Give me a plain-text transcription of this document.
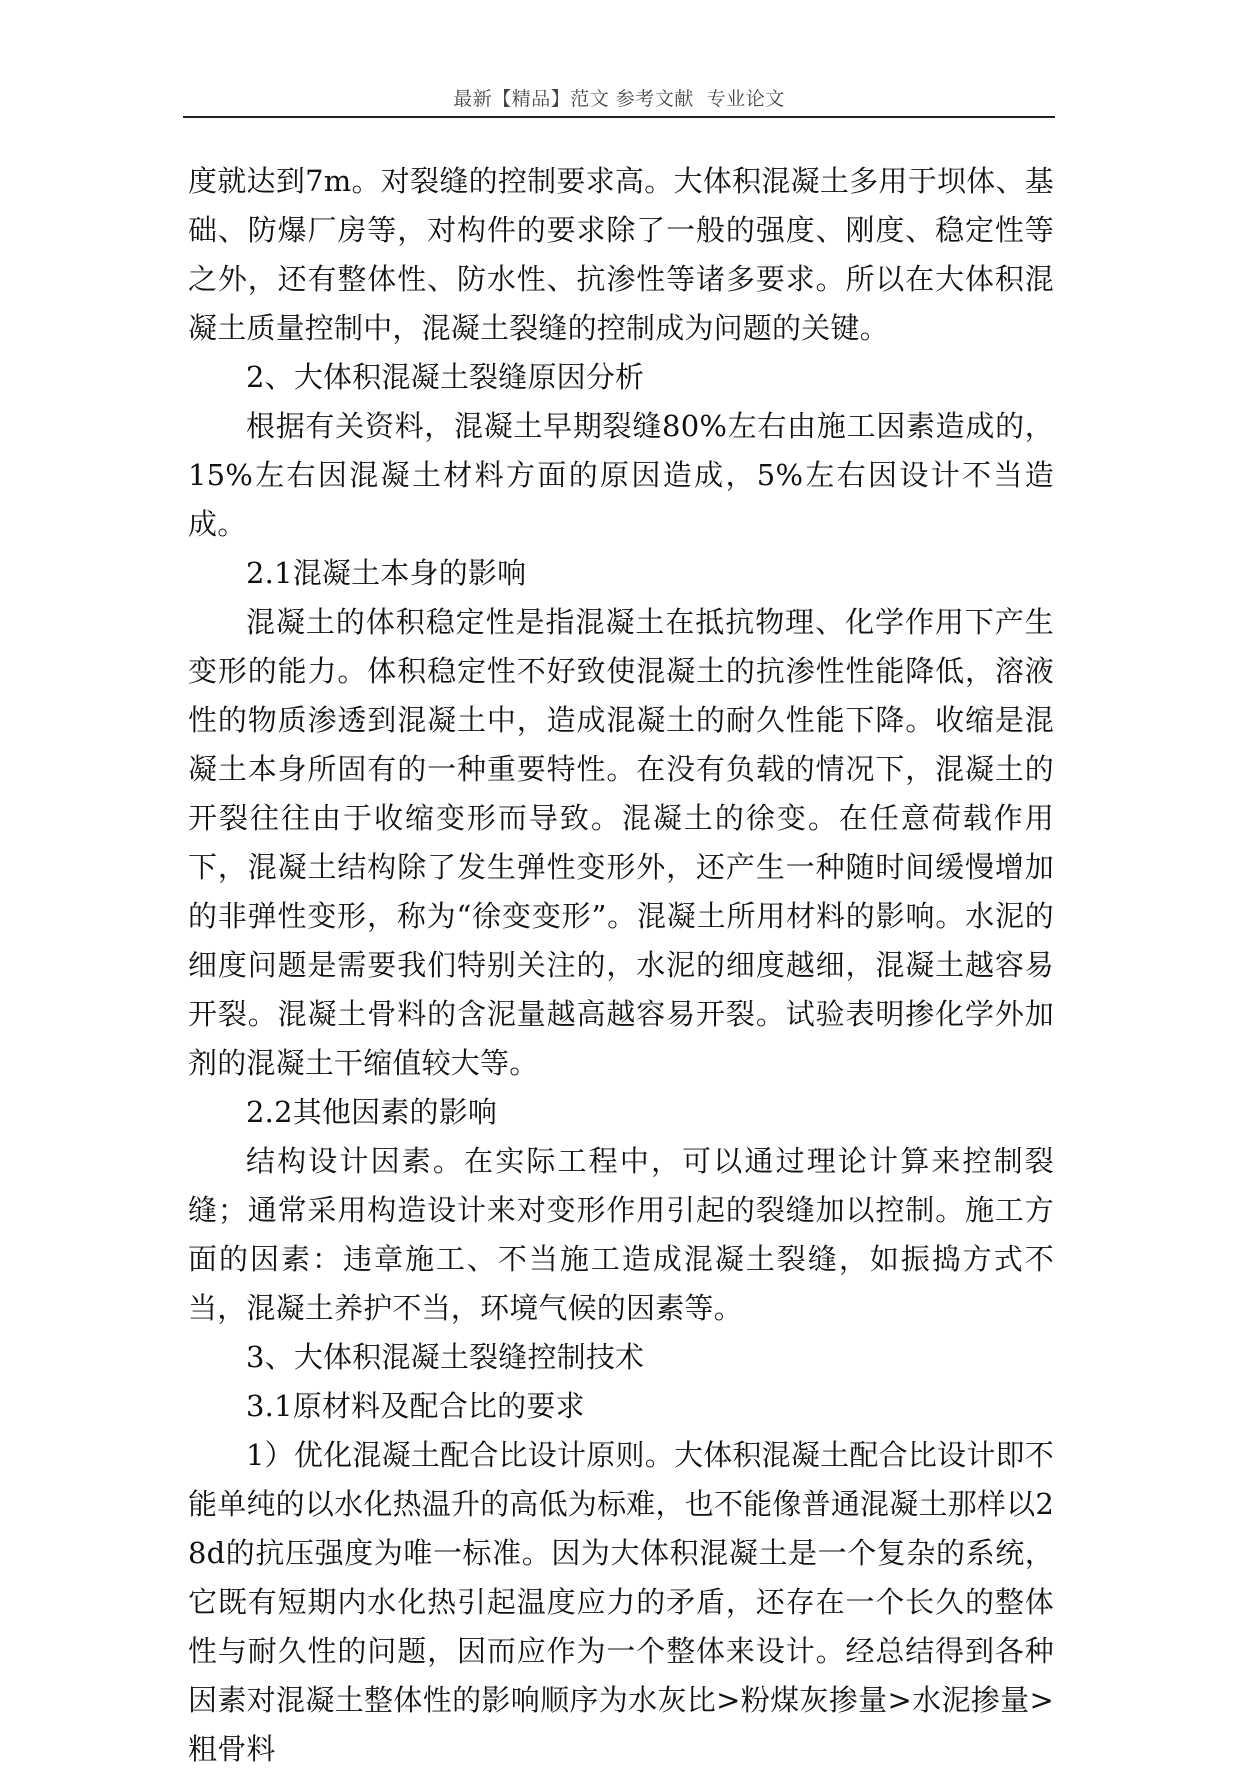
最新【精品】范文 参考文献  专业论文

度就达到7m。对裂缝的控制要求高。大体积混凝土多用于坝体、基础、防爆厂房等，对构件的要求除了一般的强度、刚度、稳定性等之外，还有整体性、防水性、抗渗性等诸多要求。所以在大体积混凝土质量控制中，混凝土裂缝的控制成为问题的关键。

2、大体积混凝土裂缝原因分析

根据有关资料，混凝土早期裂缝80%左右由施工因素造成的，15%左右因混凝土材料方面的原因造成，5%左右因设计不当造成。

2.1混凝土本身的影响

混凝土的体积稳定性是指混凝土在抵抗物理、化学作用下产生变形的能力。体积稳定性不好致使混凝土的抗渗性性能降低，溶液性的物质渗透到混凝土中，造成混凝土的耐久性能下降。收缩是混凝土本身所固有的一种重要特性。在没有负载的情况下，混凝土的开裂往往由于收缩变形而导致。混凝土的徐变。在任意荷载作用下，混凝土结构除了发生弹性变形外，还产生一种随时间缓慢增加的非弹性变形，称为“徐变变形”。混凝土所用材料的影响。水泥的细度问题是需要我们特别关注的，水泥的细度越细，混凝土越容易开裂。混凝土骨料的含泥量越高越容易开裂。试验表明掺化学外加剂的混凝土干缩值较大等。

2.2其他因素的影响

结构设计因素。在实际工程中，可以通过理论计算来控制裂缝；通常采用构造设计来对变形作用引起的裂缝加以控制。施工方面的因素：违章施工、不当施工造成混凝土裂缝，如振捣方式不当，混凝土养护不当，环境气候的因素等。

3、大体积混凝土裂缝控制技术

3.1原材料及配合比的要求

1）优化混凝土配合比设计原则。大体积混凝土配合比设计即不能单纯的以水化热温升的高低为标难，也不能像普通混凝土那样以28d的抗压强度为唯一标准。因为大体积混凝土是一个复杂的系统，它既有短期内水化热引起温度应力的矛盾，还存在一个长久的整体性与耐久性的问题，因而应作为一个整体来设计。经总结得到各种因素对混凝土整体性的影响顺序为水灰比>粉煤灰掺量>水泥掺量>粗骨料
